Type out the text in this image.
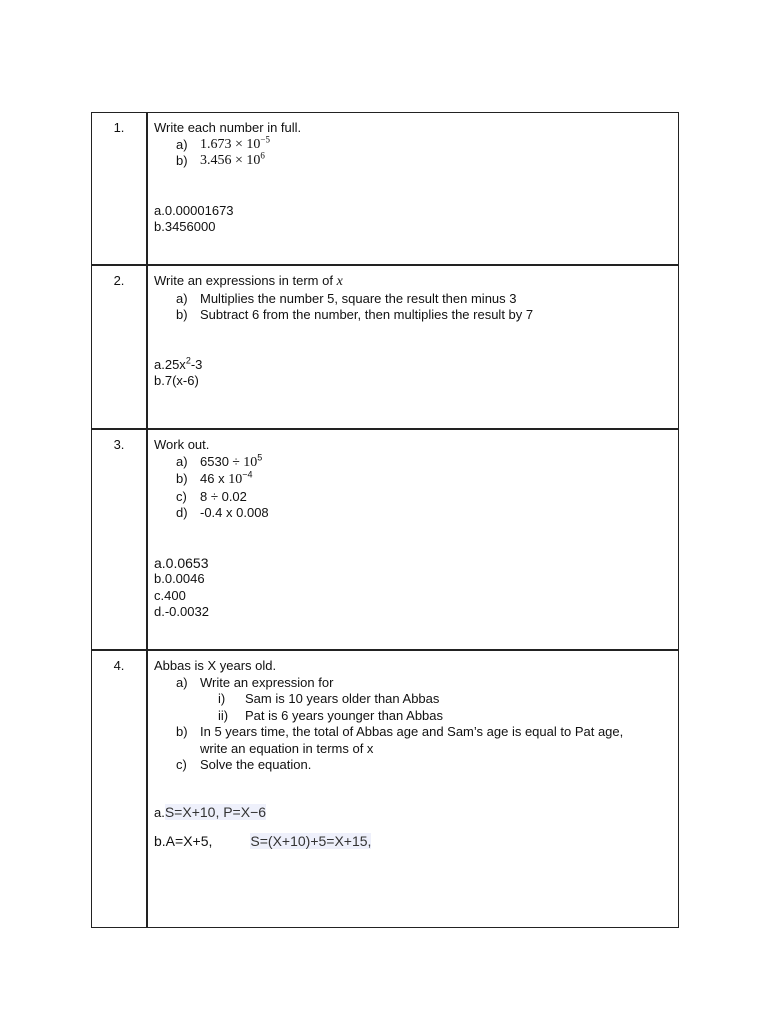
1.	Write each number in full.
a) $1.673 \times 10^{-5}$
b) $3.456 \times 10^6$
a.0.00001673
b.3456000
2.	Write an expressions in term of x
a) Multiplies the number 5, square the result then minus 3
b) Subtract 6 from the number, then multiplies the result by 7
$a.25x^2-3$
b.7(x-6)
3.	Work out.
a) $6530 \div 10^5$
b) 46 x $10^{-4}$
c)	8 ÷ 0.02
d) -0.4 x 0.008
a.0.0653
b.0.0046
c.400
d.-0.0032
4.	Abbas is X years old.
a) Write an expression for
i)	Sam is 10 years older than Abbas
ii)	Pat is 6 years younger than Abbas
b) In 5 years time, the total of Abbas age and Sam’s age is equal to Pat age,
write an equation in terms of x
c)	Solve the equation.
a.S=X+10, P=X−6
b.A=X+5,	S=(X+10)+5=X+15,
